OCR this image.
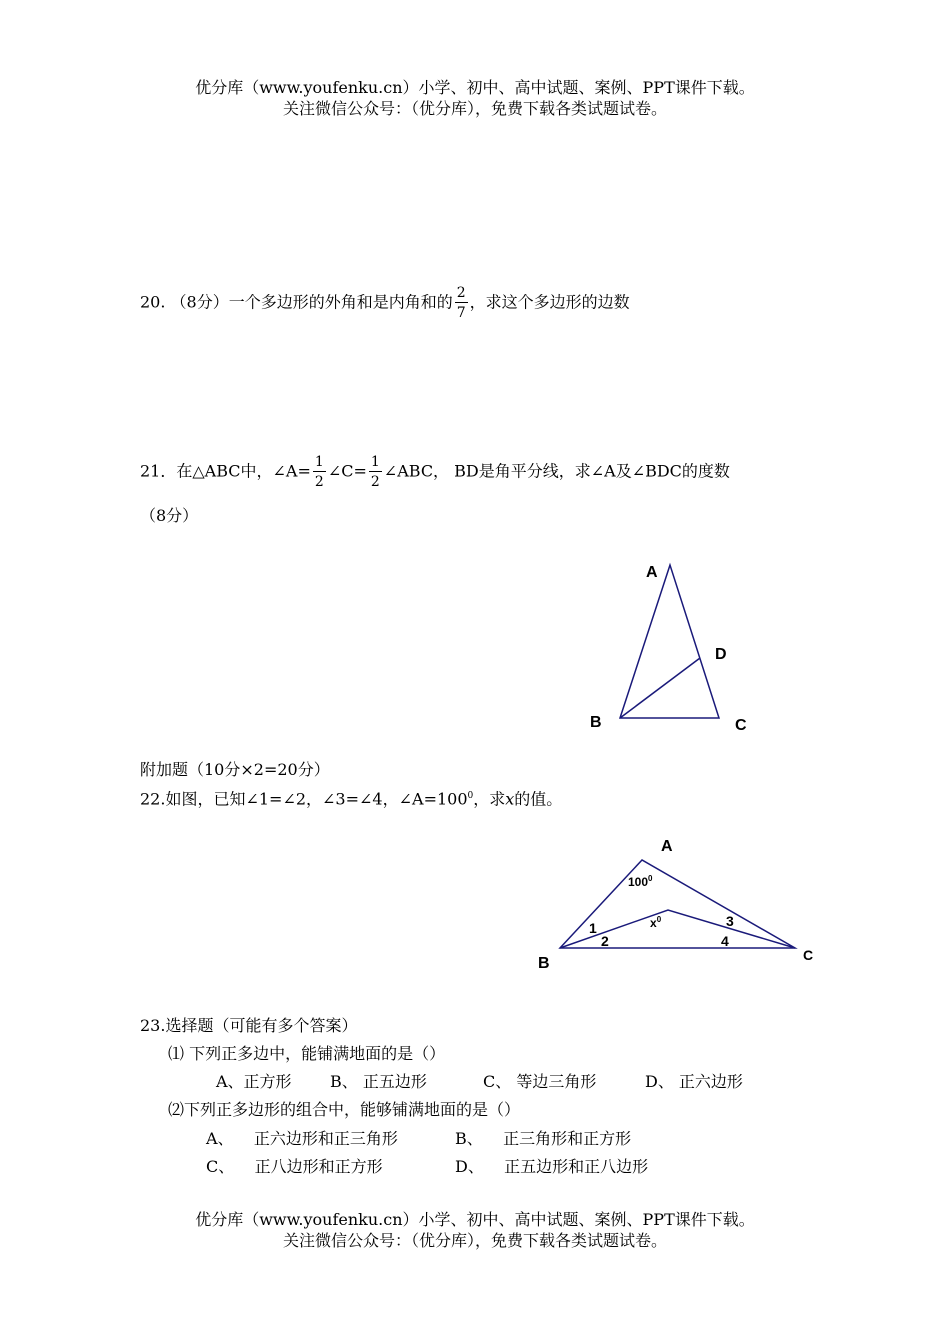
优分库（www.youfenku.cn）小学、初中、高中试题、案例、PPT课件下载。
关注微信公众号：（优分库），免费下载各类试题试卷。
20. （8分）一个多边形的外角和是内角和的 $\frac{2}{7}$ ，求这个多边形的边数
21．在△ABC中，∠A= $\frac{1}{2}$ ∠C= $\frac{1}{2}$ ∠ABC， BD是角平分线，求∠A及∠BDC的度数
（8分）
A
D
B	C
附加题（10分×2=20分）
22.如图，已知∠1=∠2，∠3=∠4，$\angle A=100^0$，求x的值。
A
B	C
$100^0$
$x^0$
1
2
3
4
23.选择题（可能有多个答案）
⑴ 下列正多边中，能铺满地面的是（）
A、正方形 B、 正五边形	C、 等边三角形	D、 正六边形
⑵下列正多边形的组合中，能够铺满地面的是（）
A、    正六边形和正三角形	B、    正三角形和正方形
C、    正八边形和正方形	D、    正五边形和正八边形
优分库（www.youfenku.cn）小学、初中、高中试题、案例、PPT课件下载。
关注微信公众号：（优分库），免费下载各类试题试卷。
